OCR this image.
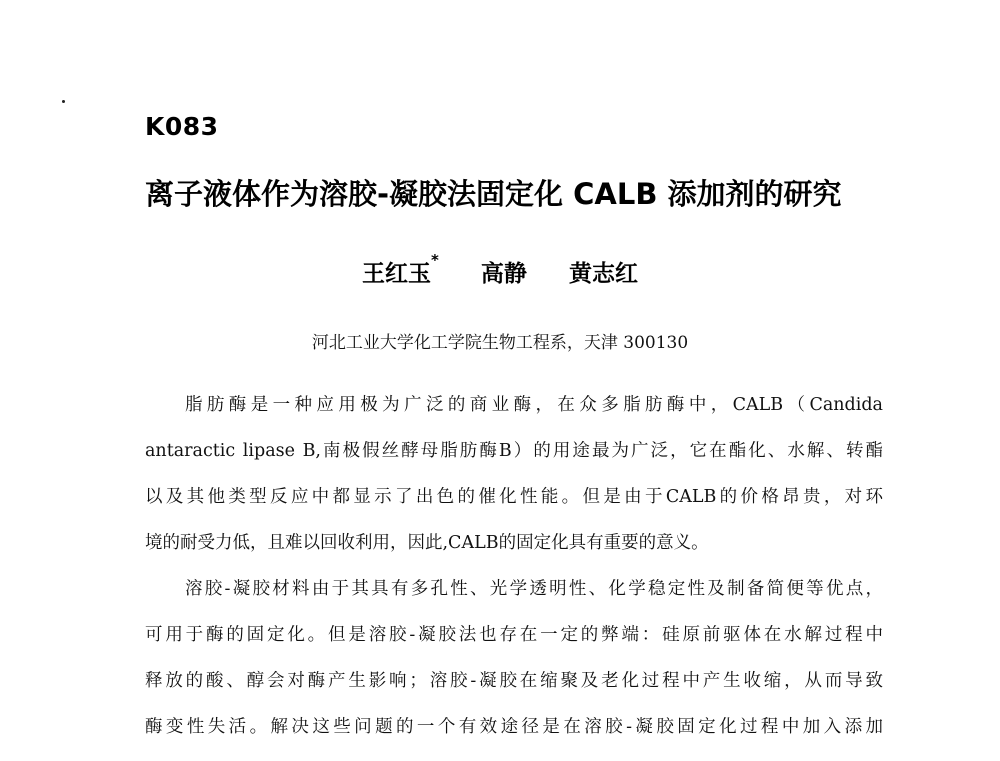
K083
离子液体作为溶胶-凝胶法固定化 CALB 添加剂的研究
王红玉*  高静 黄志红
河北工业大学化工学院生物工程系，天津 300130
脂肪酶是一种应用极为广泛的商业酶，在众多脂肪酶中，CALB（Candida
antaractic lipase B,南极假丝酵母脂肪酶B）的用途最为广泛，它在酯化、水解、转酯
以及其他类型反应中都显示了出色的催化性能。但是由于CALB的价格昂贵，对环
境的耐受力低，且难以回收利用，因此,CALB的固定化具有重要的意义。
溶胶-凝胶材料由于其具有多孔性、光学透明性、化学稳定性及制备简便等优点，
可用于酶的固定化。但是溶胶-凝胶法也存在一定的弊端：硅原前驱体在水解过程中
释放的酸、醇会对酶产生影响；溶胶-凝胶在缩聚及老化过程中产生收缩，从而导致
酶变性失活。解决这些问题的一个有效途径是在溶胶-凝胶固定化过程中加入添加
